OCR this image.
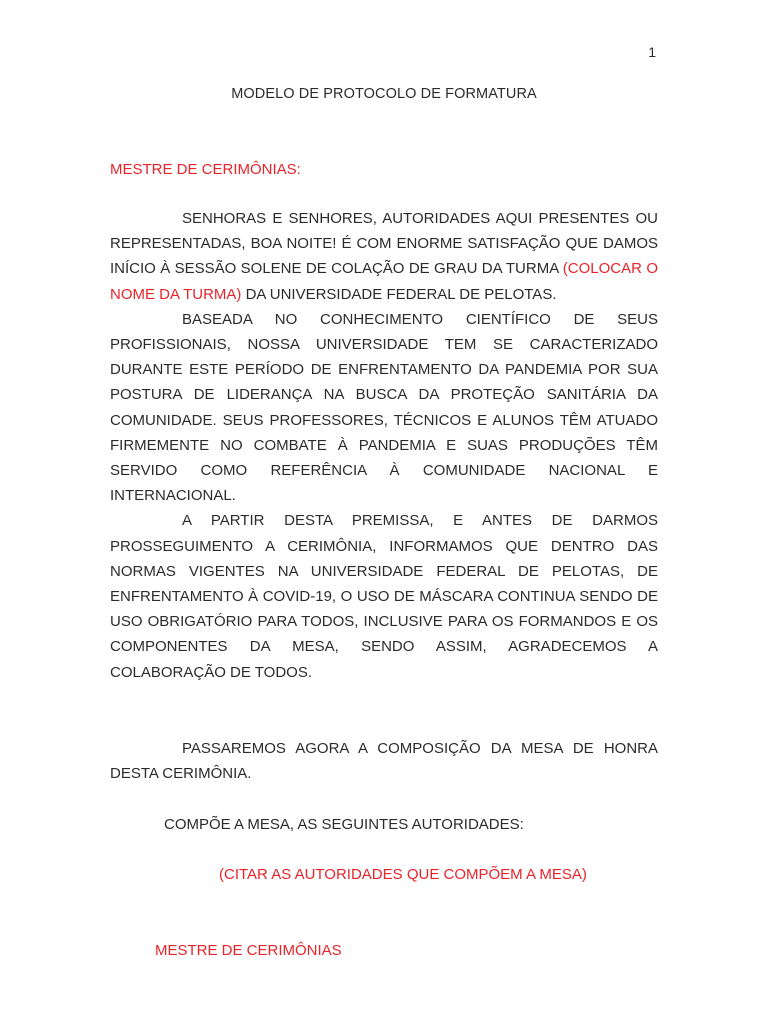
1
MODELO DE PROTOCOLO DE FORMATURA
MESTRE DE CERIMÔNIAS:

SENHORAS E SENHORES, AUTORIDADES AQUI PRESENTES OU REPRESENTADAS, BOA NOITE! É COM ENORME SATISFAÇÃO QUE DAMOS INÍCIO À SESSÃO SOLENE DE COLAÇÃO DE GRAU DA TURMA (COLOCAR O NOME DA TURMA) DA UNIVERSIDADE FEDERAL DE PELOTAS.

BASEADA NO CONHECIMENTO CIENTÍFICO DE SEUS PROFISSIONAIS, NOSSA UNIVERSIDADE TEM SE CARACTERIZADO DURANTE ESTE PERÍODO DE ENFRENTAMENTO DA PANDEMIA POR SUA POSTURA DE LIDERANÇA NA BUSCA DA PROTEÇÃO SANITÁRIA DA COMUNIDADE. SEUS PROFESSORES, TÉCNICOS E ALUNOS TÊM ATUADO FIRMEMENTE NO COMBATE À PANDEMIA E SUAS PRODUÇÕES TÊM SERVIDO COMO REFERÊNCIA À COMUNIDADE NACIONAL E INTERNACIONAL.

A PARTIR DESTA PREMISSA, E ANTES DE DARMOS PROSSEGUIMENTO A CERIMÔNIA, INFORMAMOS QUE DENTRO DAS NORMAS VIGENTES NA UNIVERSIDADE FEDERAL DE PELOTAS, DE ENFRENTAMENTO À COVID-19, O USO DE MÁSCARA CONTINUA SENDO DE USO OBRIGATÓRIO PARA TODOS, INCLUSIVE PARA OS FORMANDOS E OS COMPONENTES DA MESA, SENDO ASSIM, AGRADECEMOS A COLABORAÇÃO DE TODOS.

PASSAREMOS AGORA A COMPOSIÇÃO DA MESA DE HONRA DESTA CERIMÔNIA.

COMPÕE A MESA, AS SEGUINTES AUTORIDADES:
(CITAR AS AUTORIDADES QUE COMPÕEM A MESA)
MESTRE DE CERIMÔNIAS
